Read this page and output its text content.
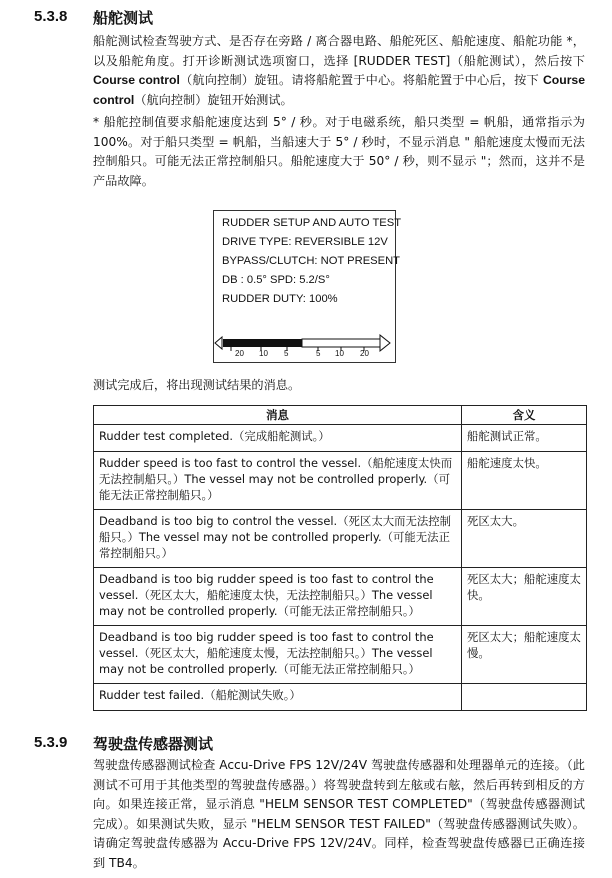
5.3.8 船舵测试

船舵测试检查驾驶方式、是否存在旁路 / 离合器电路、船舵死区、船舵速度、船舵功能 *，以及船舵角度。打开诊断测试选项窗口，选择 [RUDDER TEST]（船舵测试），然后按下 Course control（航向控制）旋钮。请将船舵置于中心。将船舵置于中心后，按下 Course control（航向控制）旋钮开始测试。

* 船舵控制值要求船舵速度达到 5° / 秒。对于电磁系统，船只类型 = 帆船，通常指示为 100%。对于船只类型 = 帆船，当船速大于 5° / 秒时，不显示消息 " 船舵速度太慢而无法控制船只。可能无法正常控制船只。船舵速度大于 50° / 秒，则不显示 "；然而，这并不是产品故障。

RUDDER SETUP AND AUTO TEST
DRIVE TYPE: REVERSIBLE 12V
BYPASS/CLUTCH: NOT PRESENT
DB : 0.5° SPD: 5.2/S°
RUDDER DUTY: 100%
20 10 5	5 10 20

测试完成后，将出现测试结果的消息。

消息	含义
Rudder test completed.（完成船舵测试。）	船舵测试正常。
Rudder speed is too fast to control the vessel.（船舵速度太快而无法控制船只。）The vessel may not be controlled properly.（可能无法正常控制船只。）	船舵速度太快。
Deadband is too big to control the vessel.（死区太大而无法控制船只。）The vessel may not be controlled properly.（可能无法正常控制船只。）	死区太大。
Deadband is too big rudder speed is too fast to control the vessel.（死区太大，船舵速度太快，无法控制船只。）The vessel may not be controlled properly.（可能无法正常控制船只。）	死区太大；船舵速度太快。
Deadband is too big rudder speed is too fast to control the vessel.（死区太大，船舵速度太慢，无法控制船只。）The vessel may not be controlled properly.（可能无法正常控制船只。）	死区太大；船舵速度太慢。
Rudder test failed.（船舵测试失败。）	
5.3.9 驾驶盘传感器测试

驾驶盘传感器测试检查 Accu-Drive FPS 12V/24V 驾驶盘传感器和处理器单元的连接。（此测试不可用于其他类型的驾驶盘传感器。）将驾驶盘转到左舷或右舷，然后再转到相反的方向。如果连接正常，显示消息 "HELM SENSOR TEST COMPLETED"（驾驶盘传感器测试完成）。如果测试失败，显示 "HELM SENSOR TEST FAILED"（驾驶盘传感器测试失败）。请确定驾驶盘传感器为 Accu-Drive FPS 12V/24V。同样，检查驾驶盘传感器已正确连接到 TB4。
